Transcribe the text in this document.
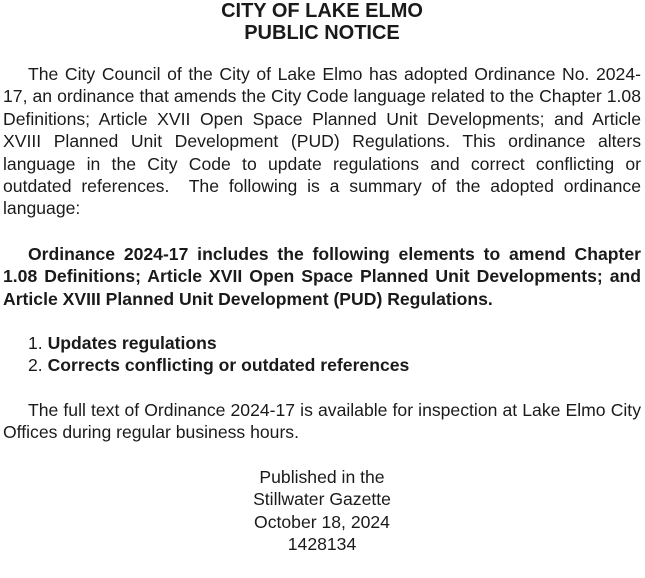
CITY OF LAKE ELMO
PUBLIC NOTICE

The City Council of the City of Lake Elmo has adopted Ordinance No. 2024-17, an ordinance that amends the City Code language related to the Chapter 1.08 Definitions; Article XVII Open Space Planned Unit Developments; and Article XVIII Planned Unit Development (PUD) Regulations. This ordinance alters language in the City Code to update regulations and correct conflicting or outdated references.  The following is a summary of the adopted ordinance language:

Ordinance 2024-17 includes the following elements to amend Chapter 1.08 Definitions; Article XVII Open Space Planned Unit Developments; and Article XVIII Planned Unit Development (PUD) Regulations.

1. Updates regulations
2. Corrects conflicting or outdated references

The full text of Ordinance 2024-17 is available for inspection at Lake Elmo City Offices during regular business hours.

Published in the
Stillwater Gazette
October 18, 2024
1428134
